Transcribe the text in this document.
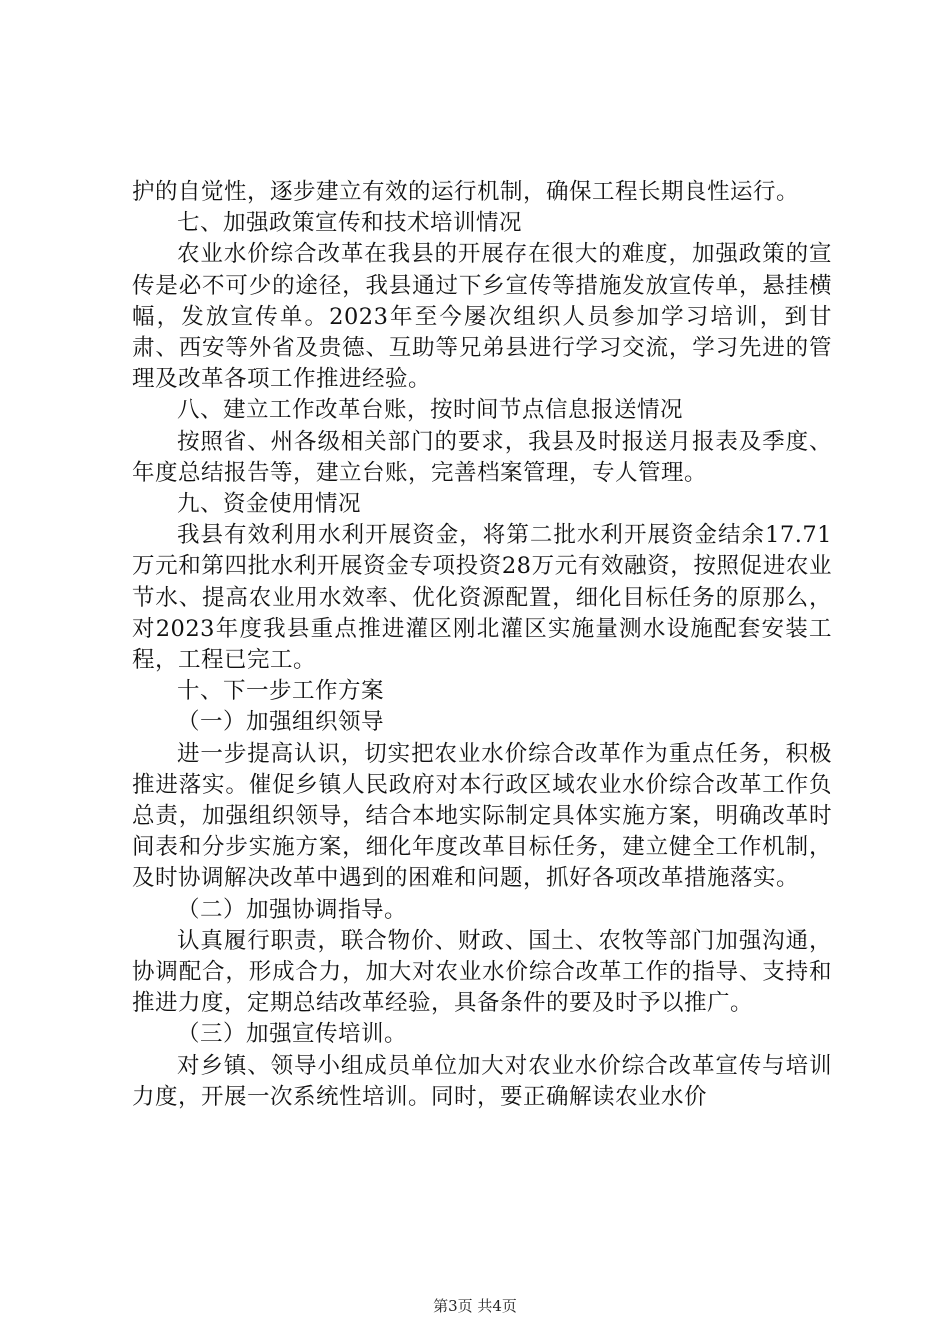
护的自觉性，逐步建立有效的运行机制，确保工程长期良性运行。

七、加强政策宣传和技术培训情况

农业水价综合改革在我县的开展存在很大的难度，加强政策的宣传是必不可少的途径，我县通过下乡宣传等措施发放宣传单，悬挂横幅，发放宣传单。2023年至今屡次组织人员参加学习培训，到甘肃、西安等外省及贵德、互助等兄弟县进行学习交流，学习先进的管理及改革各项工作推进经验。

八、建立工作改革台账，按时间节点信息报送情况

按照省、州各级相关部门的要求，我县及时报送月报表及季度、年度总结报告等，建立台账，完善档案管理，专人管理。

九、资金使用情况

我县有效利用水利开展资金，将第二批水利开展资金结余17.71万元和第四批水利开展资金专项投资28万元有效融资，按照促进农业节水、提高农业用水效率、优化资源配置，细化目标任务的原那么，对2023年度我县重点推进灌区刚北灌区实施量测水设施配套安装工程，工程已完工。

十、下一步工作方案

（一）加强组织领导

进一步提高认识，切实把农业水价综合改革作为重点任务，积极推进落实。催促乡镇人民政府对本行政区域农业水价综合改革工作负总责，加强组织领导，结合本地实际制定具体实施方案，明确改革时间表和分步实施方案，细化年度改革目标任务，建立健全工作机制，及时协调解决改革中遇到的困难和问题，抓好各项改革措施落实。

（二）加强协调指导。

认真履行职责，联合物价、财政、国土、农牧等部门加强沟通，协调配合，形成合力，加大对农业水价综合改革工作的指导、支持和推进力度，定期总结改革经验，具备条件的要及时予以推广。

（三）加强宣传培训。

对乡镇、领导小组成员单位加大对农业水价综合改革宣传与培训力度，开展一次系统性培训。同时，要正确解读农业水价

第3页 共4页
